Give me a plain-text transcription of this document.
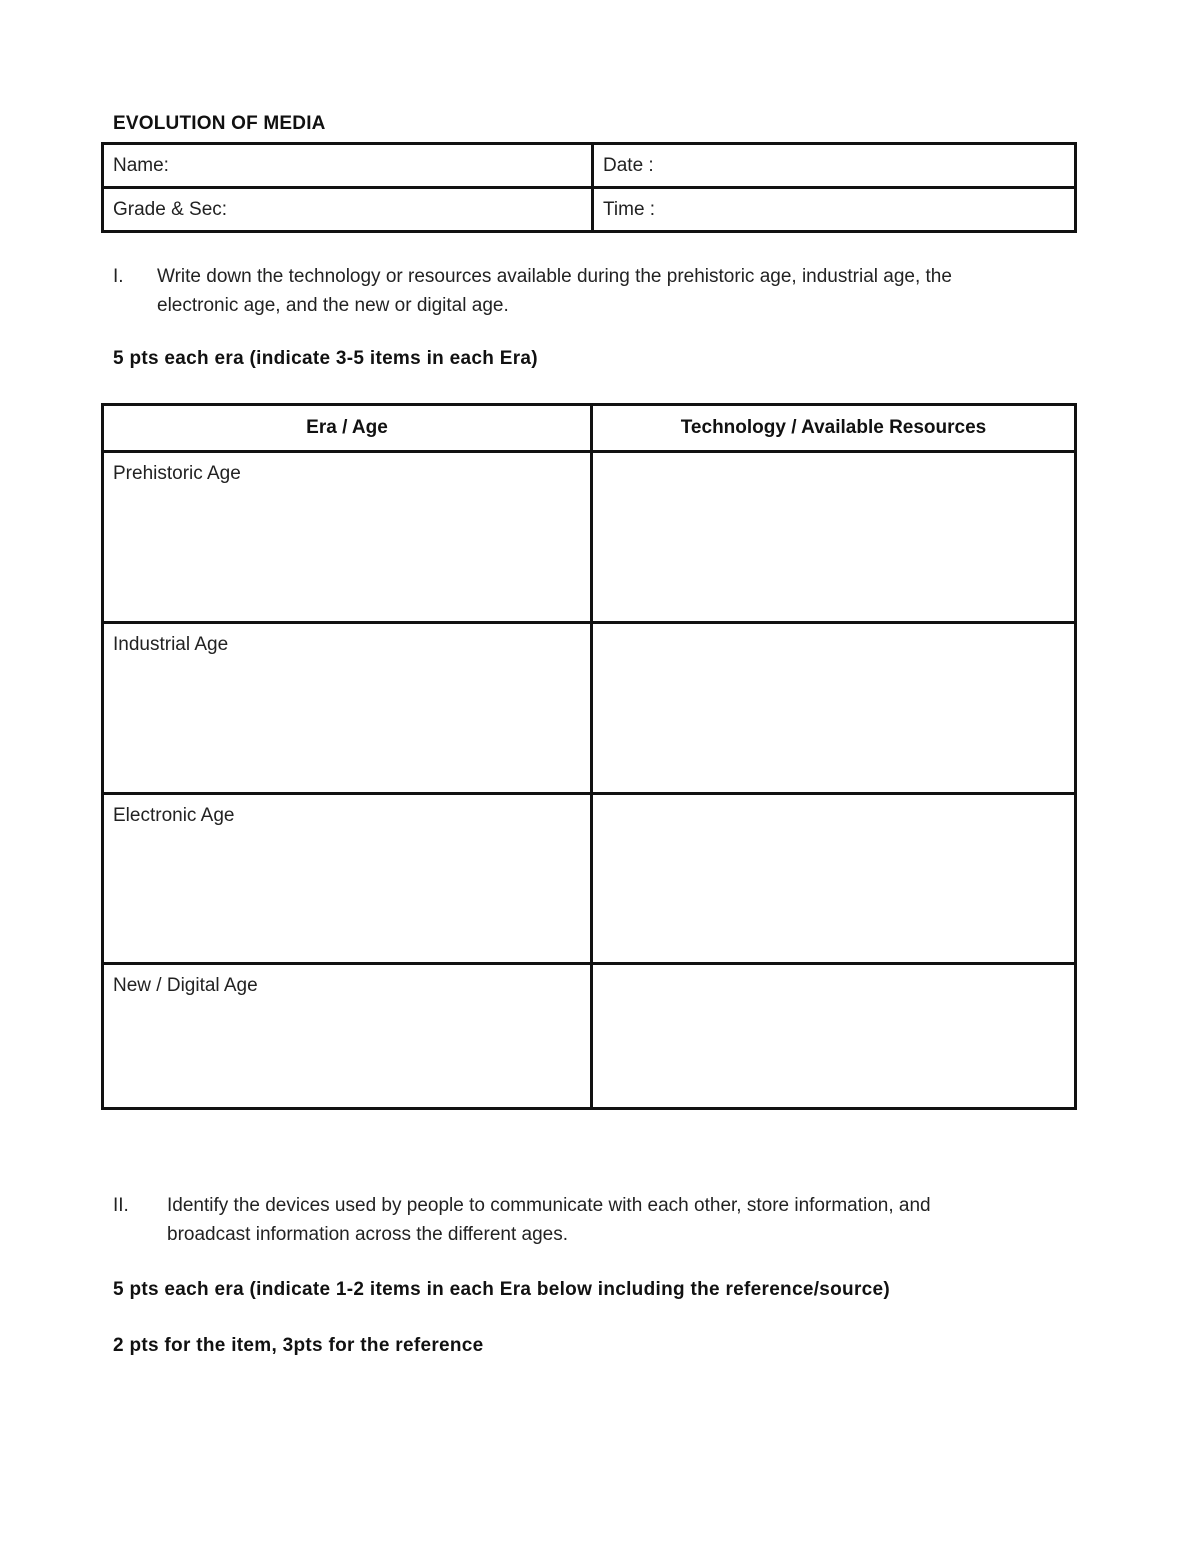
EVOLUTION OF MEDIA
Name:	Date :
Grade & Sec:	Time :
I. Write down the technology or resources available during the prehistoric age, industrial age, the
electronic age, and the new or digital age.
5 pts each era (indicate 3-5 items in each Era)
Era / Age	Technology / Available Resources
Prehistoric Age	
Industrial Age	
Electronic Age	
New / Digital Age	
II. Identify the devices used by people to communicate with each other, store information, and
broadcast information across the different ages.
5 pts each era (indicate 1-2 items in each Era below including the reference/source)
2 pts for the item, 3pts for the reference
